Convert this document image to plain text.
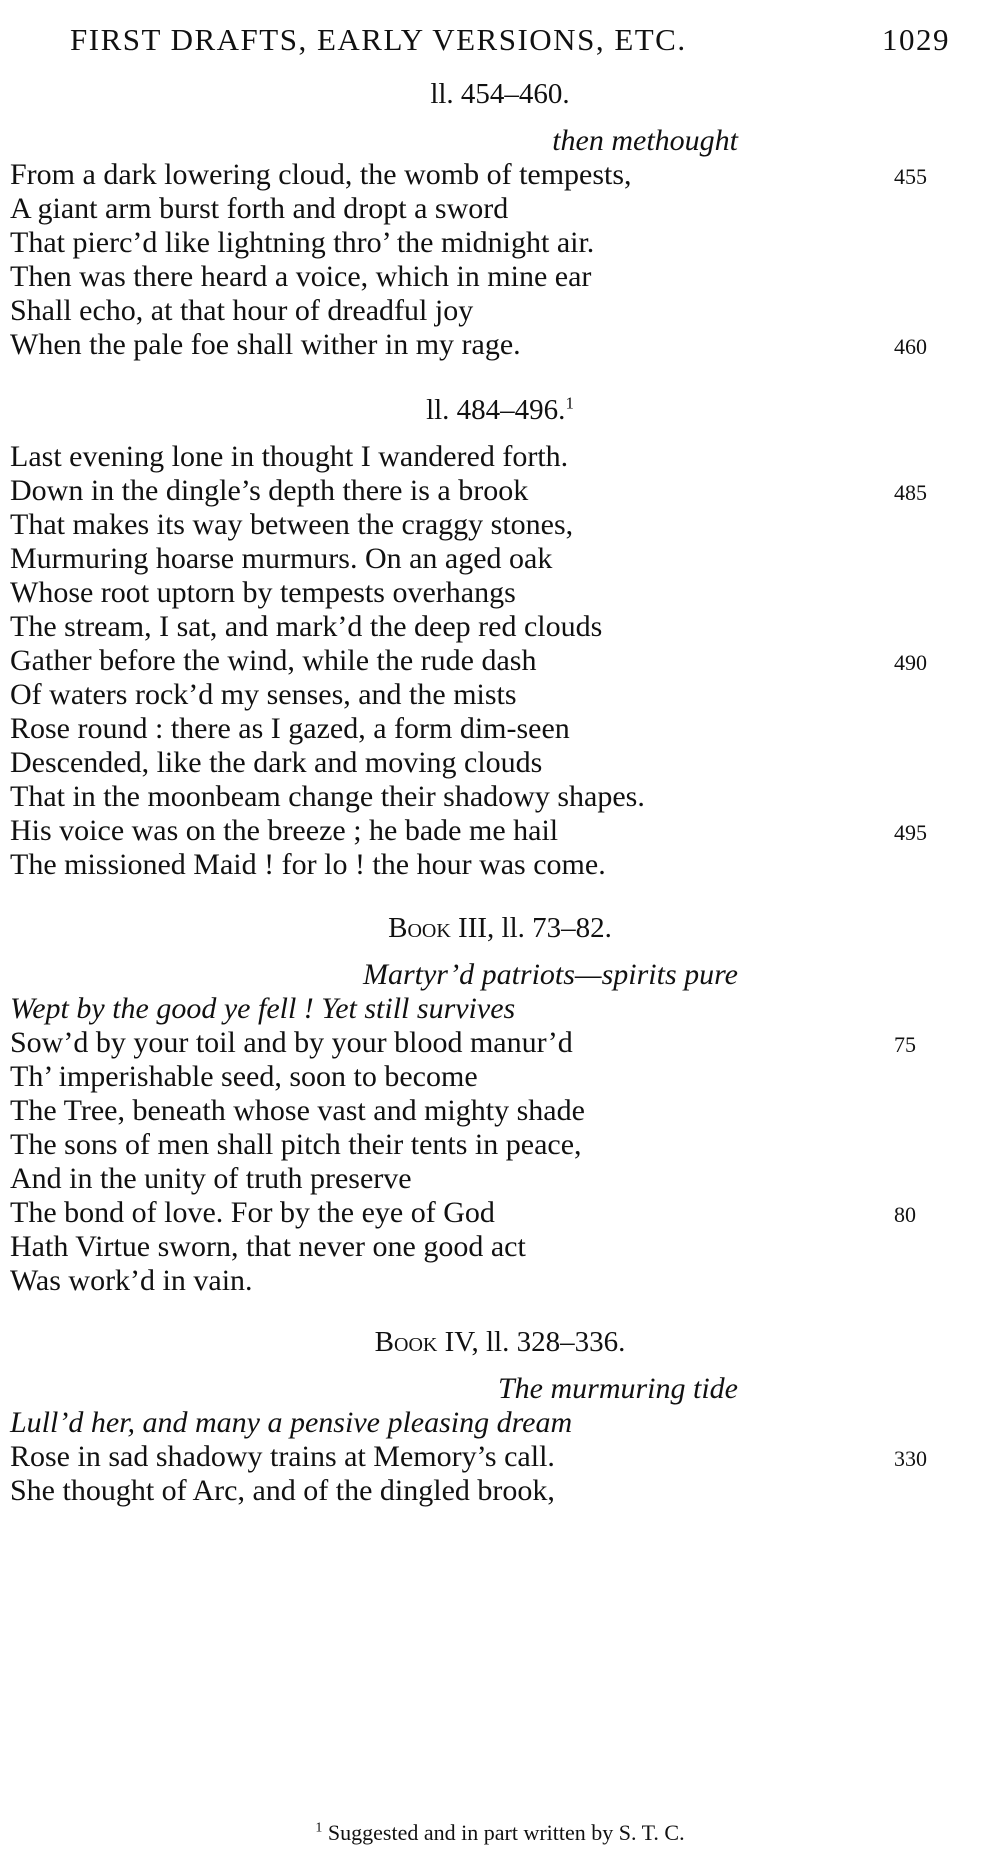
FIRST DRAFTS, EARLY VERSIONS, ETC.	1029
ll. 454–460.
then methought
From a dark lowering cloud, the womb of tempests,	455
A giant arm burst forth and dropt a sword
That pierc’d like lightning thro’ the midnight air.
Then was there heard a voice, which in mine ear
Shall echo, at that hour of dreadful joy
When the pale foe shall wither in my rage.	460
ll. 484–496.$^1$
Last evening lone in thought I wandered forth.
Down in the dingle’s depth there is a brook	485
That makes its way between the craggy stones,
Murmuring hoarse murmurs. On an aged oak
Whose root uptorn by tempests overhangs
The stream, I sat, and mark’d the deep red clouds
Gather before the wind, while the rude dash	490
Of waters rock’d my senses, and the mists
Rose round : there as I gazed, a form dim-seen
Descended, like the dark and moving clouds
That in the moonbeam change their shadowy shapes.
His voice was on the breeze ; he bade me hail	495
The missioned Maid ! for lo ! the hour was come.
Book III, ll. 73–82.
Martyr’d patriots—spirits pure
Wept by the good ye fell ! Yet still survives
Sow’d by your toil and by your blood manur’d	75
Th’ imperishable seed, soon to become
The Tree, beneath whose vast and mighty shade
The sons of men shall pitch their tents in peace,
And in the unity of truth preserve
The bond of love. For by the eye of God	80
Hath Virtue sworn, that never one good act
Was work’d in vain.
Book IV, ll. 328–336.
The murmuring tide
Lull’d her, and many a pensive pleasing dream
Rose in sad shadowy trains at Memory’s call.	330
She thought of Arc, and of the dingled brook,
$^1$ Suggested and in part written by S. T. C.
